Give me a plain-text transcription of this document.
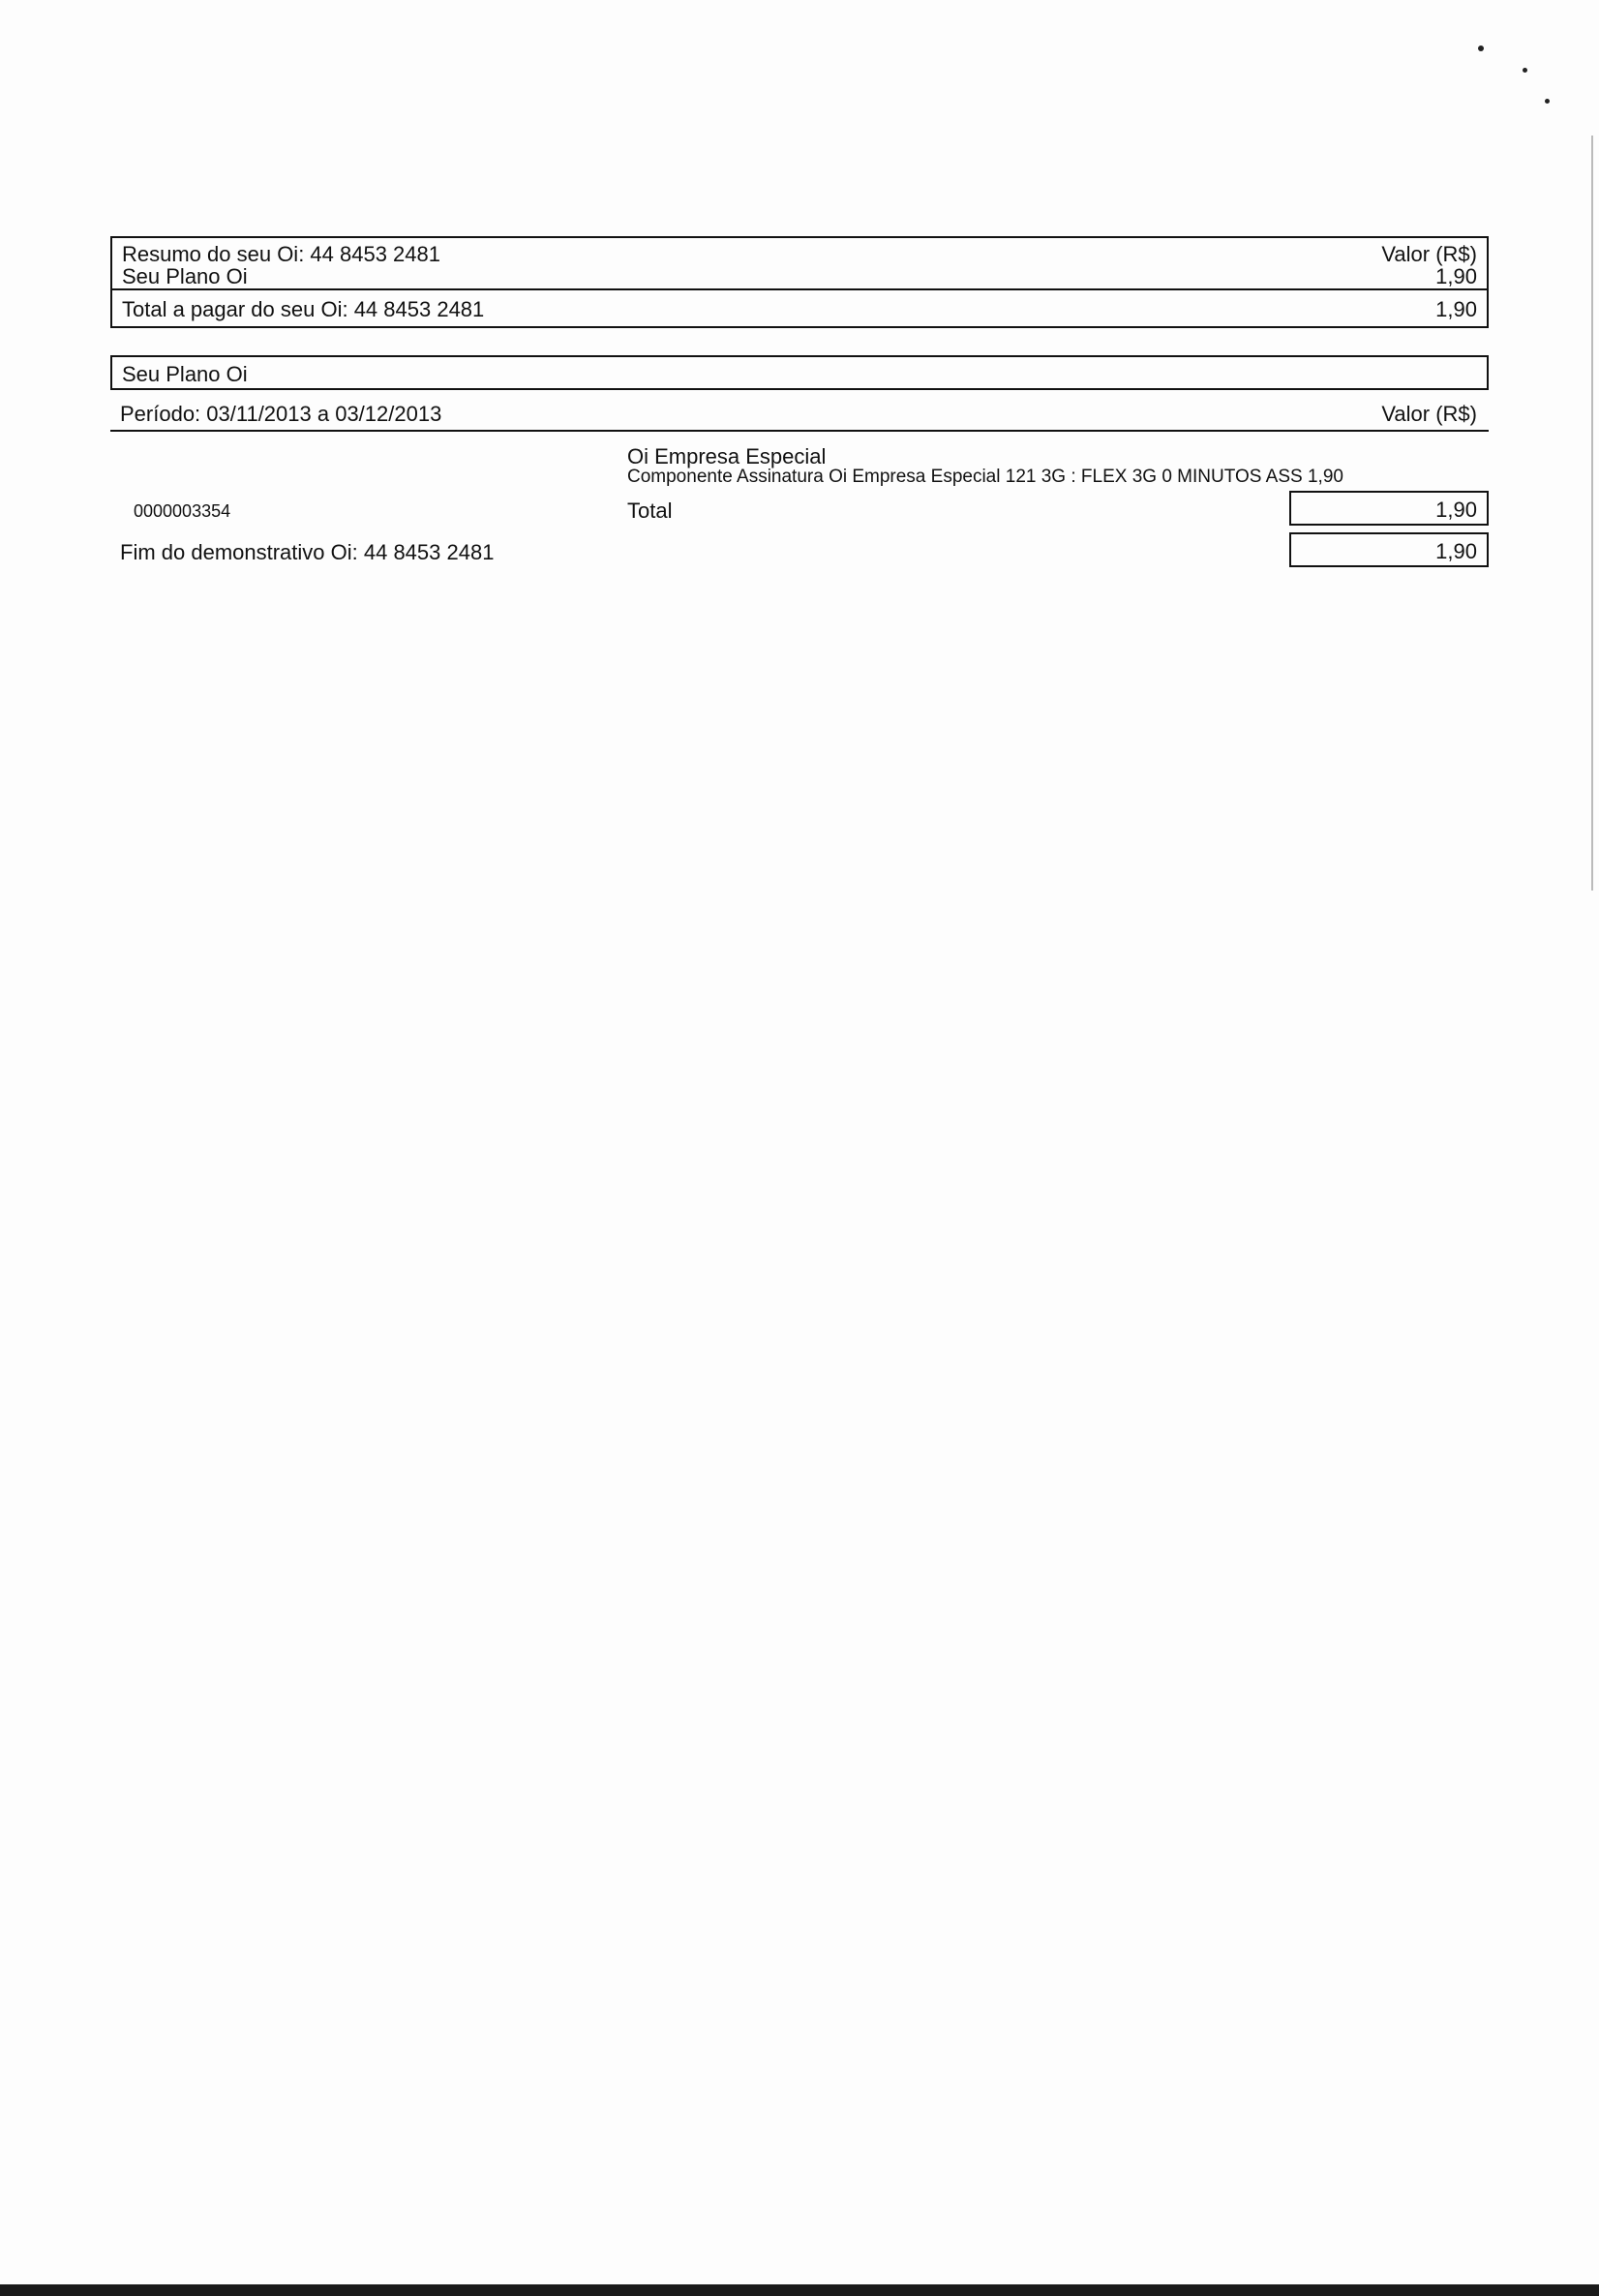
Resumo do seu Oi: 44 8453 2481	Valor (R$)
Seu Plano Oi	1,90
Total a pagar do seu Oi: 44 8453 2481	1,90
Seu Plano Oi
Período: 03/11/2013 a 03/12/2013	Valor (R$)
Oi Empresa Especial
Componente Assinatura Oi Empresa Especial 121 3G : FLEX 3G 0 MINUTOS ASS 1,90
0000003354	Total	1,90
Fim do demonstrativo Oi: 44 8453 2481	1,90
